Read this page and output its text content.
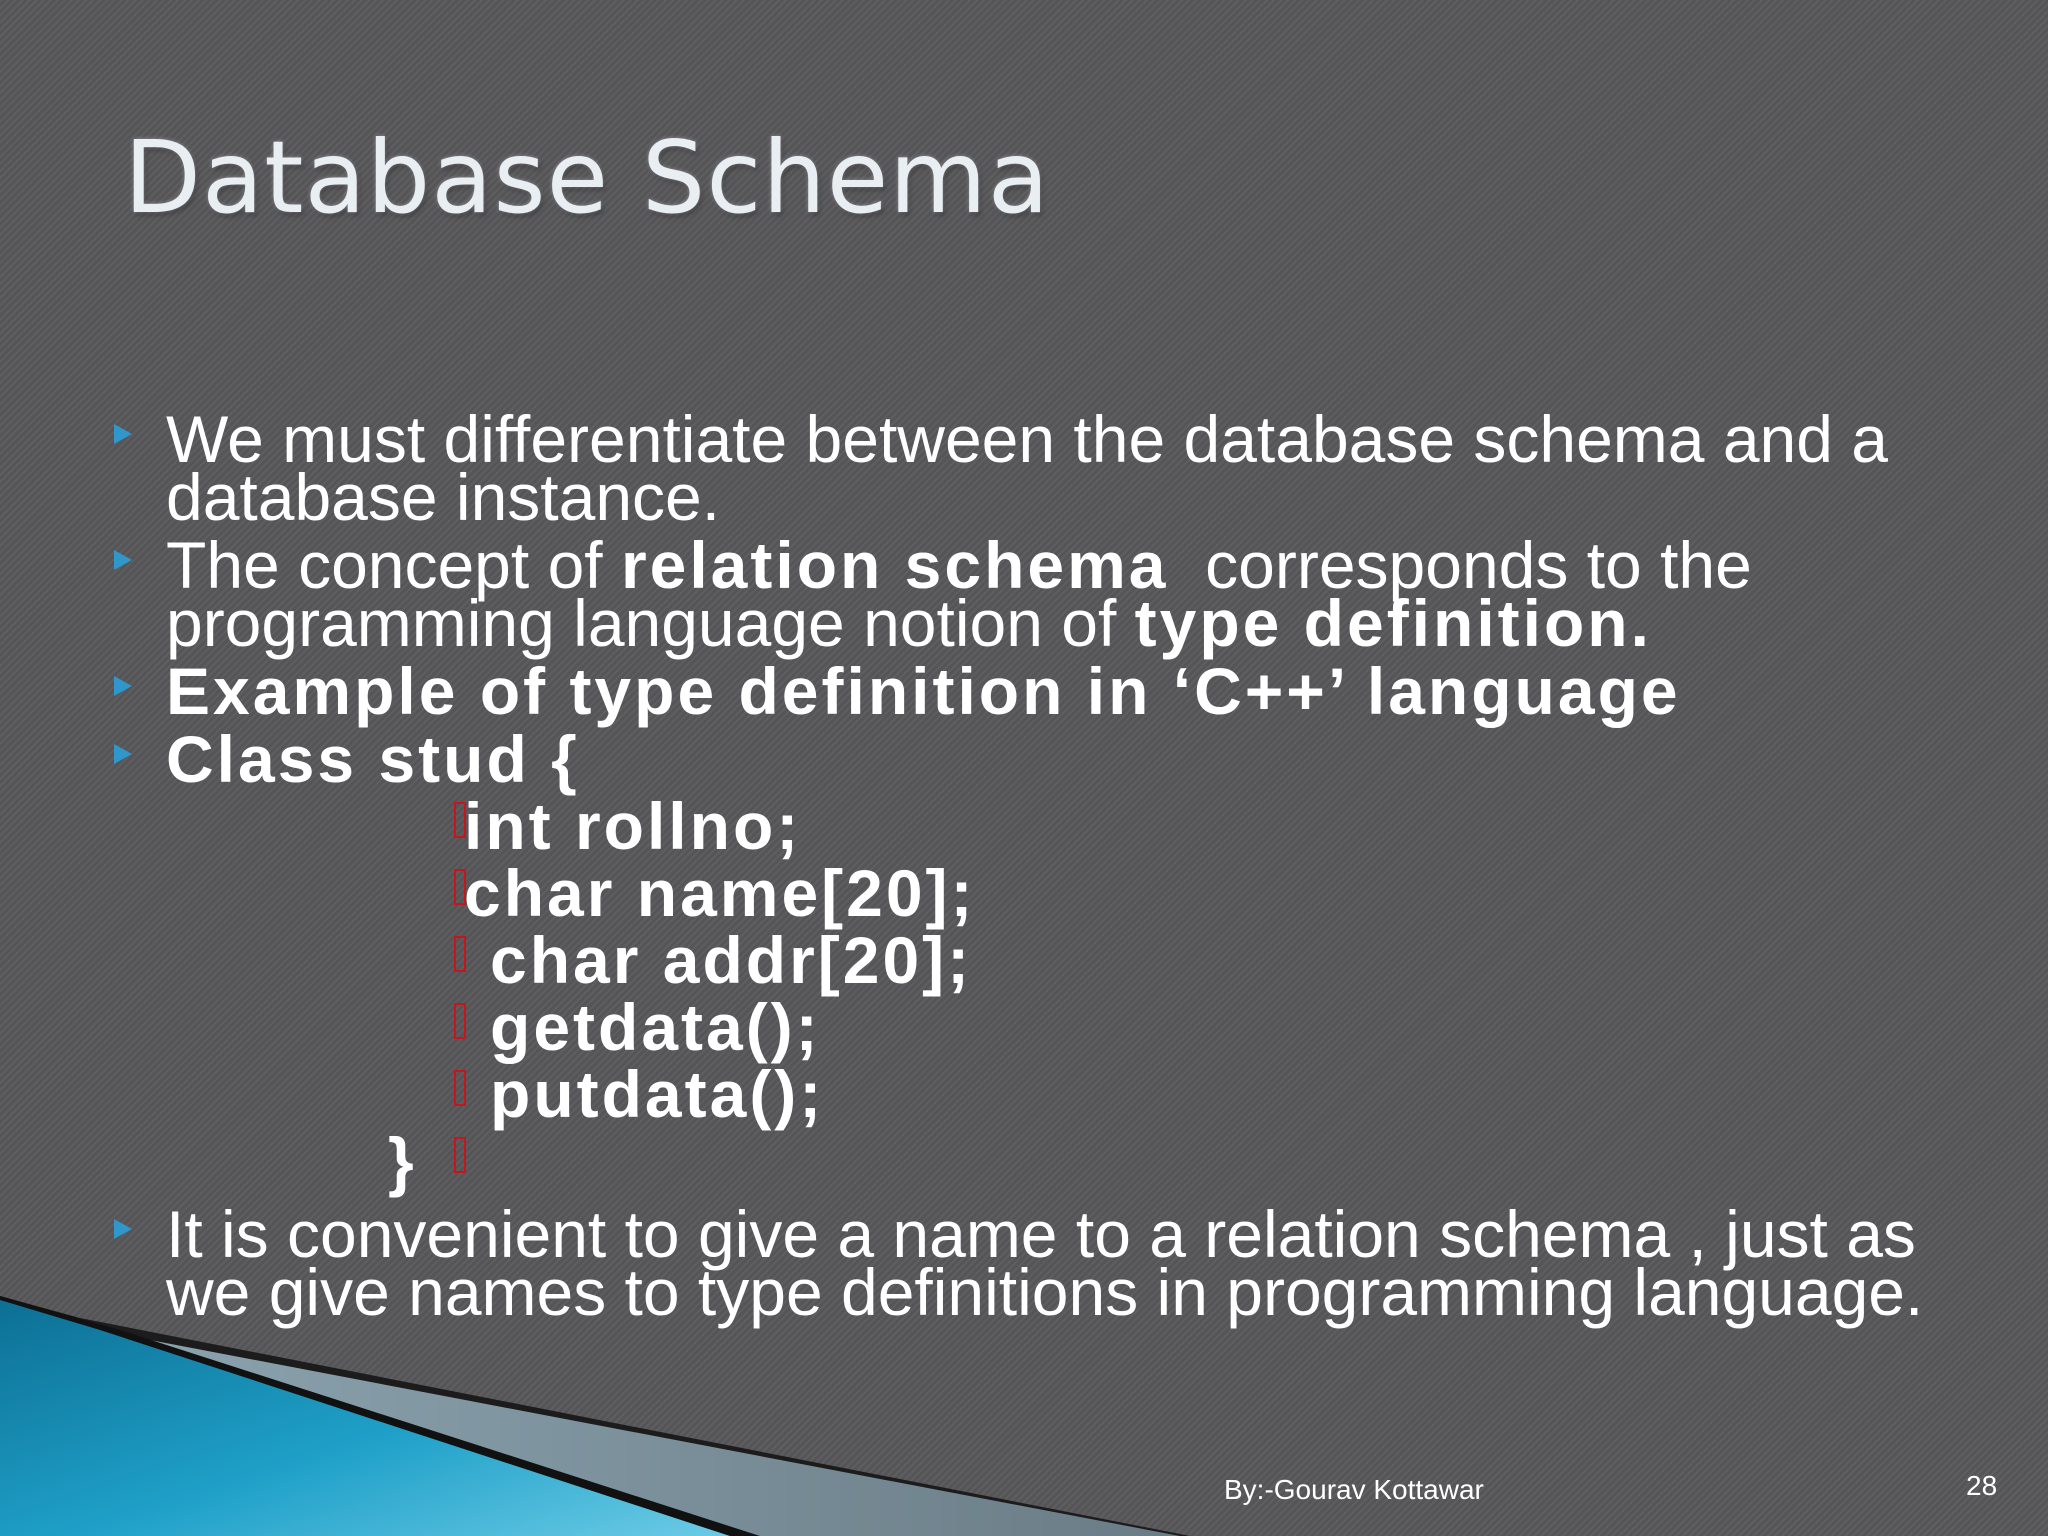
Database Schema
We must differentiate between the database schema and a
database instance.
The concept of relation schema  corresponds to the
programming language notion of type definition.
Example of type definition in ‘C++’ language
Class stud {
int rollno;
char name[20];
char addr[20];
getdata();
putdata();
}
It is convenient to give a name to a relation schema , just as
we give names to type definitions in programming language.
By:-Gourav Kottawar	28
